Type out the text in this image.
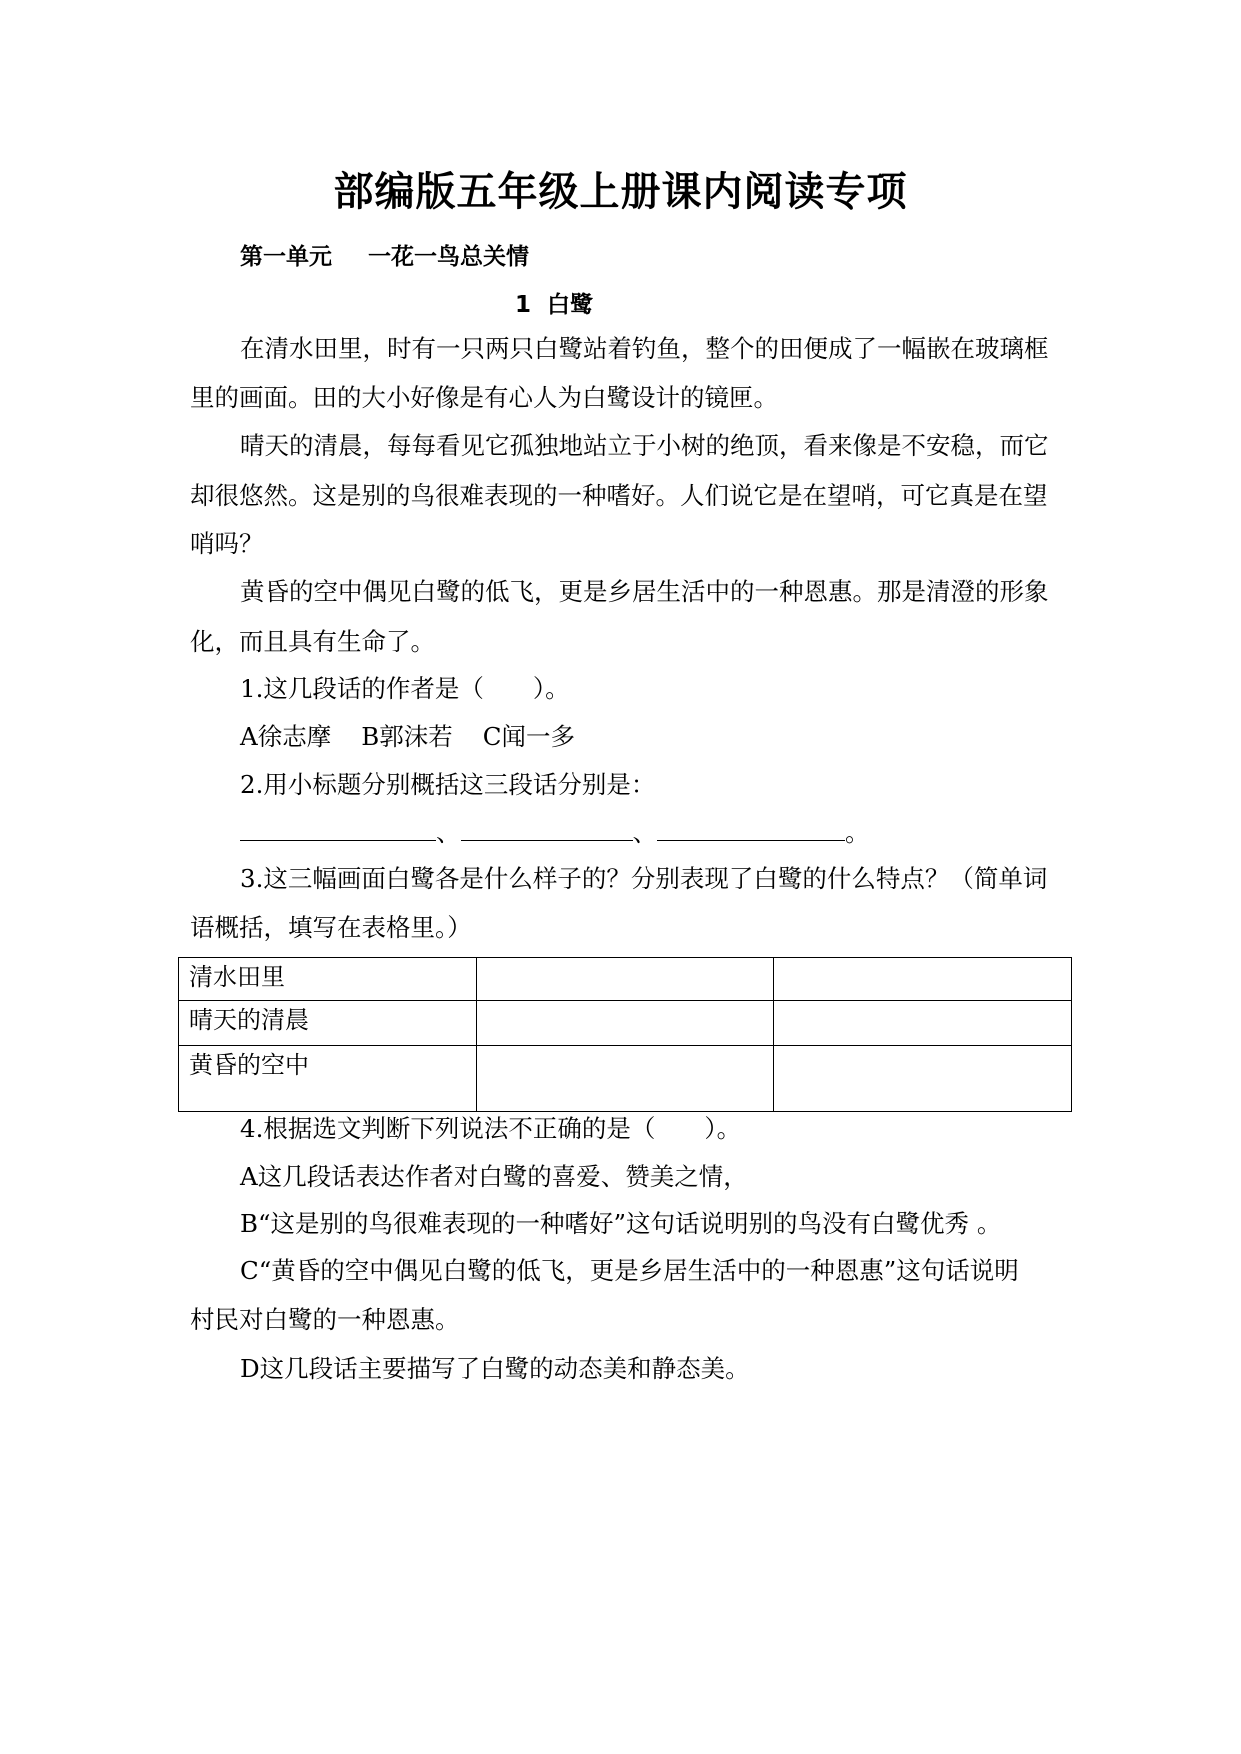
部编版五年级上册课内阅读专项
第一单元 一花一鸟总关情
1 白鹭
在清水田里，时有一只两只白鹭站着钓鱼，整个的田便成了一幅嵌在玻璃框
里的画面。田的大小好像是有心人为白鹭设计的镜匣。
晴天的清晨，每每看见它孤独地站立于小树的绝顶，看来像是不安稳，而它
却很悠然。这是别的鸟很难表现的一种嗜好。人们说它是在望哨，可它真是在望
哨吗？
黄昏的空中偶见白鹭的低飞，更是乡居生活中的一种恩惠。那是清澄的形象
化，而且具有生命了。
1.这几段话的作者是（　　）。
A徐志摩 B郭沫若 C闻一多
2.用小标题分别概括这三段话分别是：
、	、	。
3.这三幅画面白鹭各是什么样子的？分别表现了白鹭的什么特点？（简单词
语概括，填写在表格里。）
清水田里		
晴天的清晨		
黄昏的空中		
4.根据选文判断下列说法不正确的是（　　）。
A这几段话表达作者对白鹭的喜爱、赞美之情，
B“这是别的鸟很难表现的一种嗜好”这句话说明别的鸟没有白鹭优秀 。
C“黄昏的空中偶见白鹭的低飞，更是乡居生活中的一种恩惠”这句话说明
村民对白鹭的一种恩惠。
D这几段话主要描写了白鹭的动态美和静态美。
